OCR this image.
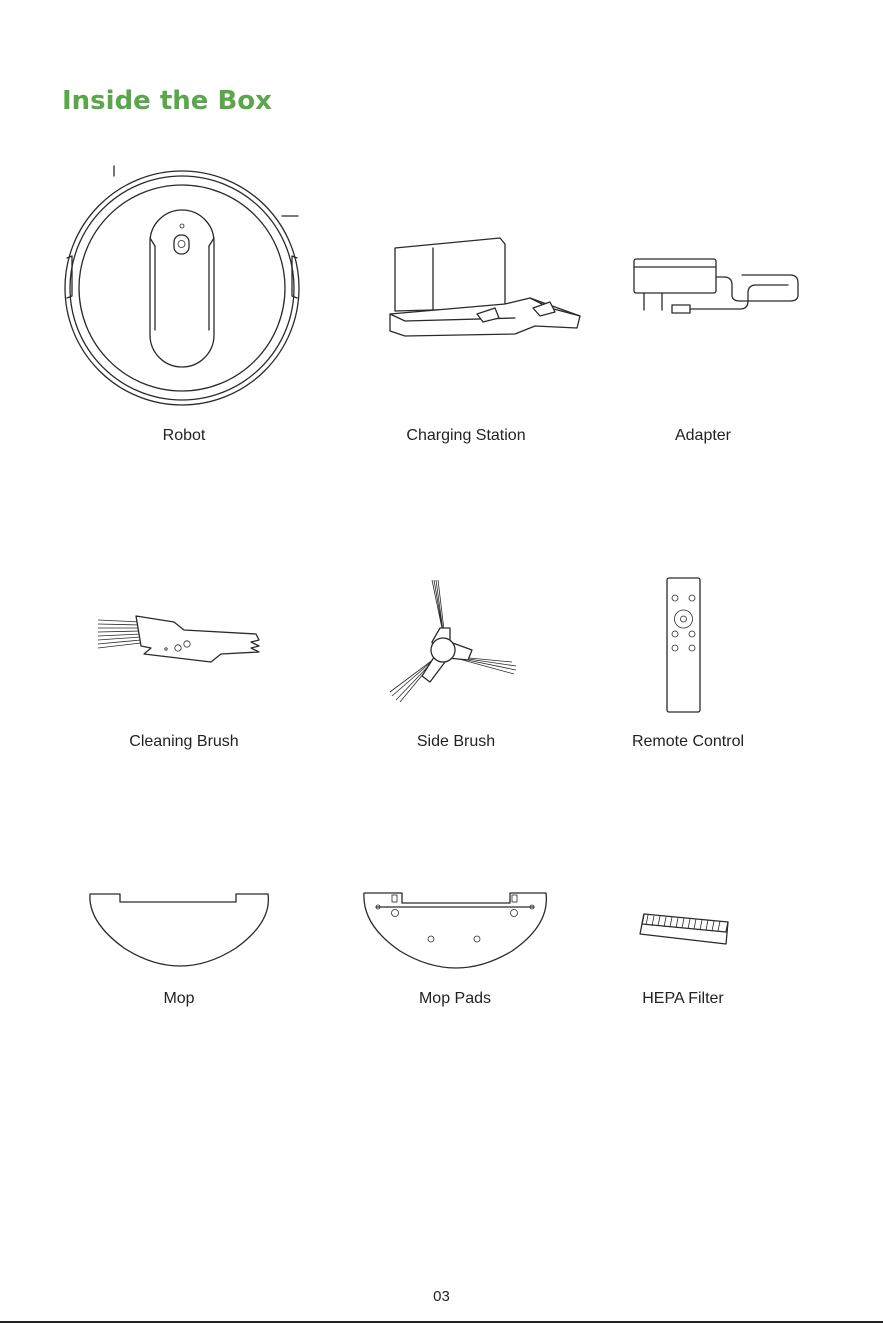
Inside the Box
Robot	Charging Station	Adapter
Cleaning Brush	Side Brush	Remote Control
Mop	Mop Pads	HEPA Filter
03
